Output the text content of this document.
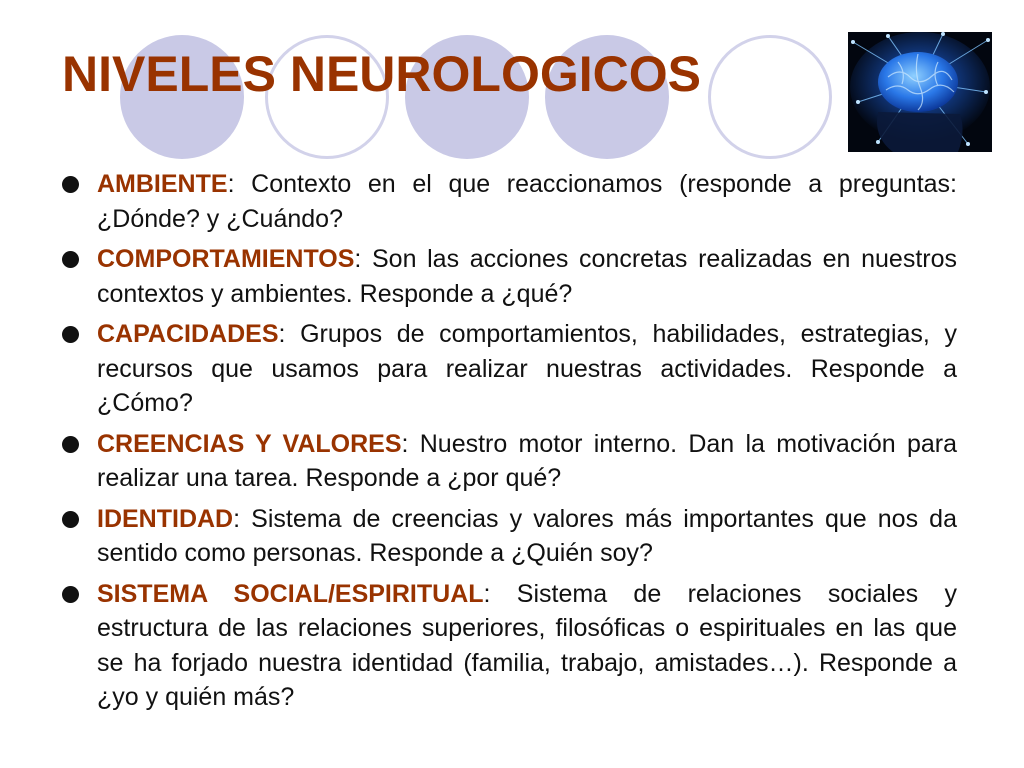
NIVELES NEUROLOGICOS
AMBIENTE: Contexto en el que reaccionamos (responde a preguntas: ¿Dónde? y ¿Cuándo?
COMPORTAMIENTOS: Son las acciones concretas realizadas en nuestros contextos y ambientes. Responde a ¿qué?
CAPACIDADES: Grupos de comportamientos, habilidades, estrategias, y recursos que usamos para realizar nuestras actividades. Responde a ¿Cómo?
CREENCIAS Y VALORES: Nuestro motor interno. Dan la motivación para realizar una tarea. Responde a ¿por qué?
IDENTIDAD: Sistema de creencias y valores más importantes que nos da sentido como personas. Responde a ¿Quién soy?
SISTEMA SOCIAL/ESPIRITUAL: Sistema de relaciones sociales y estructura de las relaciones superiores, filosóficas o espirituales en las que se ha forjado nuestra identidad (familia, trabajo, amistades…). Responde a ¿yo y quién más?
